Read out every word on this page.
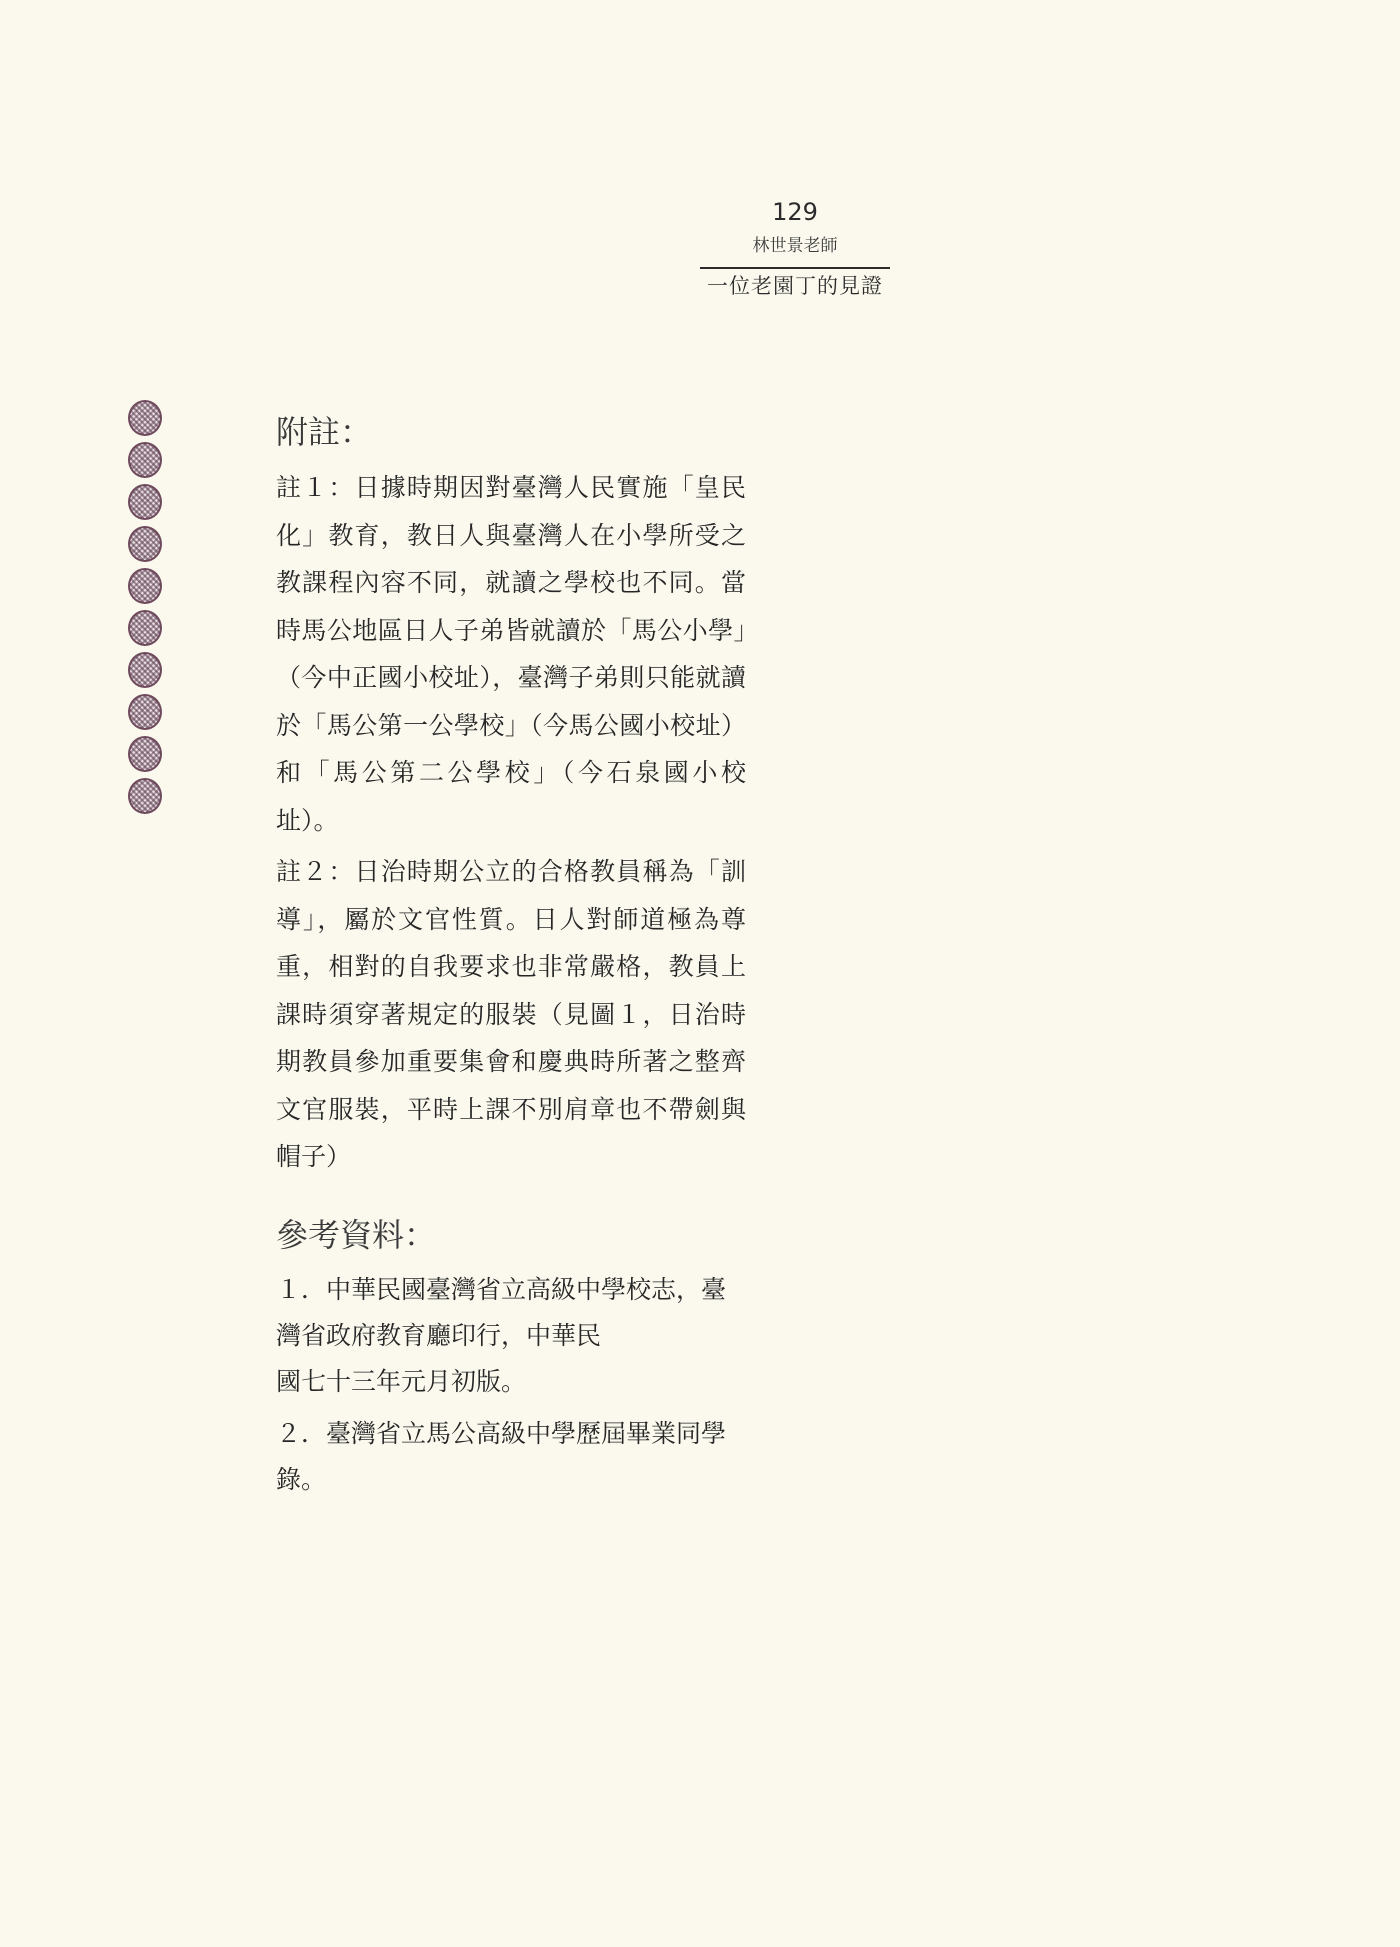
129
林世景老師
一位老園丁的見證
附註：

註１：日據時期因對臺灣人民實施「皇民化」教育，教日人與臺灣人在小學所受之教課程內容不同，就讀之學校也不同。當時馬公地區日人子弟皆就讀於「馬公小學」（今中正國小校址），臺灣子弟則只能就讀於「馬公第一公學校」（今馬公國小校址）和「馬公第二公學校」（今石泉國小校址）。

註２：日治時期公立的合格教員稱為「訓導」，屬於文官性質。日人對師道極為尊重，相對的自我要求也非常嚴格，教員上課時須穿著規定的服裝（見圖１，日治時期教員參加重要集會和慶典時所著之整齊文官服裝，平時上課不別肩章也不帶劍與帽子）

參考資料：

１．中華民國臺灣省立高級中學校志，臺
灣省政府教育廳印行，中華民
國七十三年元月初版。

２．臺灣省立馬公高級中學歷屆畢業同學
錄。
